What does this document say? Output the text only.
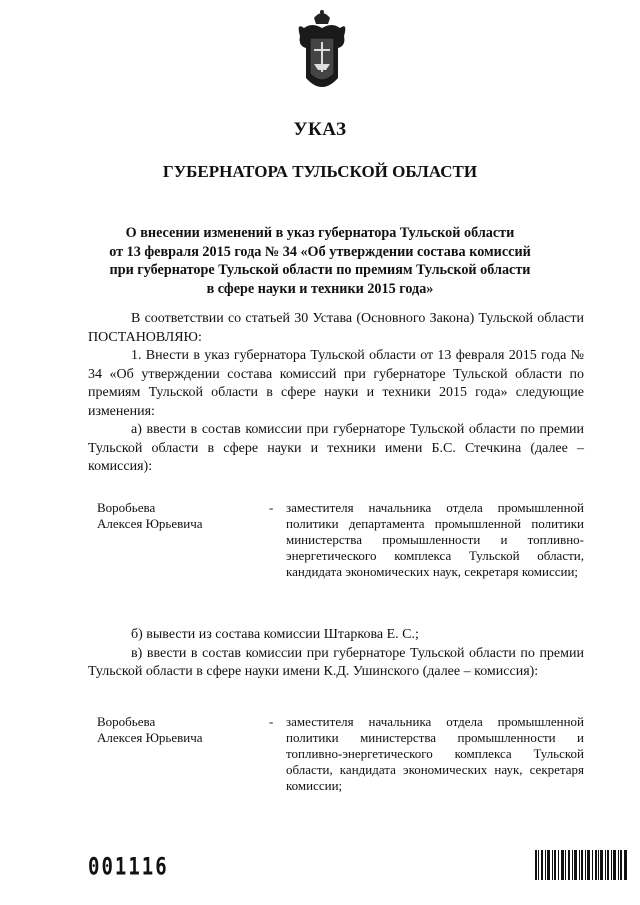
УКАЗ
ГУБЕРНАТОРА ТУЛЬСКОЙ ОБЛАСТИ
О внесении изменений в указ губернатора Тульской области
от 13 февраля 2015 года № 34 «Об утверждении состава комиссий
при губернаторе Тульской области по премиям Тульской области
в сфере науки и техники 2015 года»

В соответствии со статьей 30 Устава (Основного Закона) Тульской области ПОСТАНОВЛЯЮ:

1. Внести в указ губернатора Тульской области от 13 февраля 2015 года № 34 «Об утверждении состава комиссий при губернаторе Тульской области по премиям Тульской области в сфере науки и техники 2015 года» следующие изменения:

а) ввести в состав комиссии при губернаторе Тульской области по премии Тульской области в сфере науки и техники имени Б.С. Стечкина (далее – комиссия):

Воробьева
Алексея Юрьевича
- заместителя начальника отдела промышленной политики департамента промышленной политики министерства промышленности и топливно-энергетического комплекса Тульской области, кандидата экономических наук, секретаря комиссии;

б) вывести из состава комиссии Штаркова Е. С.;

в) ввести в состав комиссии при губернаторе Тульской области по премии Тульской области в сфере науки имени К.Д. Ушинского (далее – комиссия):

Воробьева
Алексея Юрьевича
- заместителя начальника отдела промышленной политики министерства промышленности и топливно-энергетического комплекса Тульской области, кандидата экономических наук, секретаря комиссии;
001116
